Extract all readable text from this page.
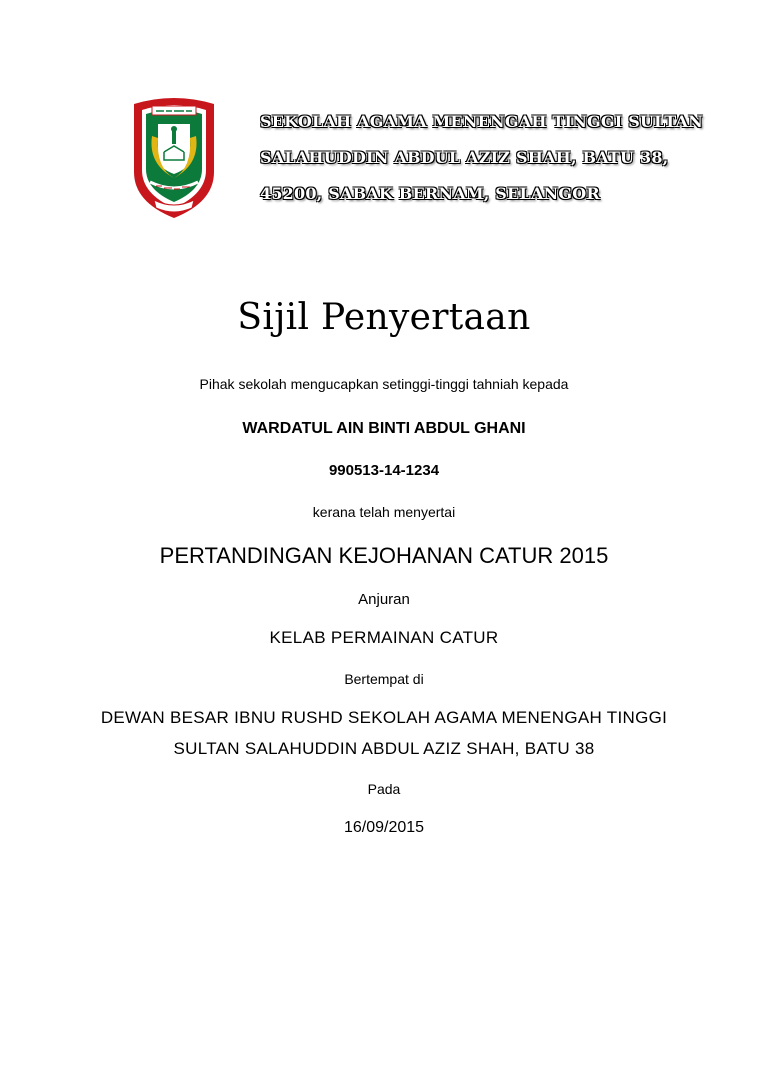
SEKOLAH AGAMA MENENGAH TINGGI SULTAN
SALAHUDDIN ABDUL AZIZ SHAH, BATU 38,
45200, SABAK BERNAM, SELANGOR
Sijil Penyertaan
Pihak sekolah mengucapkan setinggi-tinggi tahniah kepada
WARDATUL AIN BINTI ABDUL GHANI
990513-14-1234
kerana telah menyertai
PERTANDINGAN KEJOHANAN CATUR 2015
Anjuran
KELAB PERMAINAN CATUR
Bertempat di
DEWAN BESAR IBNU RUSHD SEKOLAH AGAMA MENENGAH TINGGI
SULTAN SALAHUDDIN ABDUL AZIZ SHAH, BATU 38
Pada
16/09/2015
